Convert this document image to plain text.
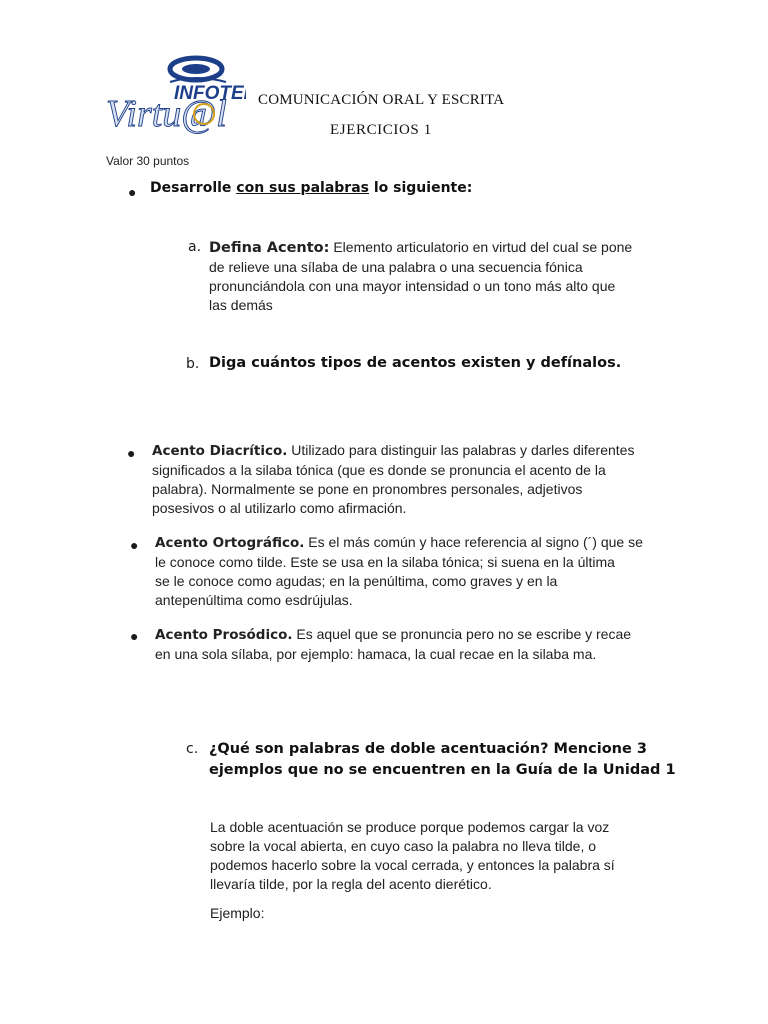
INFOTE
Virtu@l COMUNICACIÓN ORAL Y ESCRITA
EJERCICIOS 1
Valor 30 puntos
● Desarrolle con sus palabras lo siguiente:
a. Defina Acento: Elemento articulatorio en virtud del cual se pone
de relieve una sílaba de una palabra o una secuencia fónica
pronunciándola con una mayor intensidad o un tono más alto que
las demás
b. Diga cuántos tipos de acentos existen y defínalos.
● Acento Diacrítico. Utilizado para distinguir las palabras y darles diferentes
significados a la silaba tónica (que es donde se pronuncia el acento de la
palabra). Normalmente se pone en pronombres personales, adjetivos
posesivos o al utilizarlo como afirmación.
● Acento Ortográfico. Es el más común y hace referencia al signo (´) que se
le conoce como tilde. Este se usa en la silaba tónica; si suena en la última
se le conoce como agudas; en la penúltima, como graves y en la
antepenúltima como esdrújulas.
● Acento Prosódico. Es aquel que se pronuncia pero no se escribe y recae
en una sola sílaba, por ejemplo: hamaca, la cual recae en la silaba ma.
c. ¿Qué son palabras de doble acentuación? Mencione 3
ejemplos que no se encuentren en la Guía de la Unidad 1
La doble acentuación se produce porque podemos cargar la voz
sobre la vocal abierta, en cuyo caso la palabra no lleva tilde, o
podemos hacerlo sobre la vocal cerrada, y entonces la palabra sí
llevaría tilde, por la regla del acento dierético.
Ejemplo:
